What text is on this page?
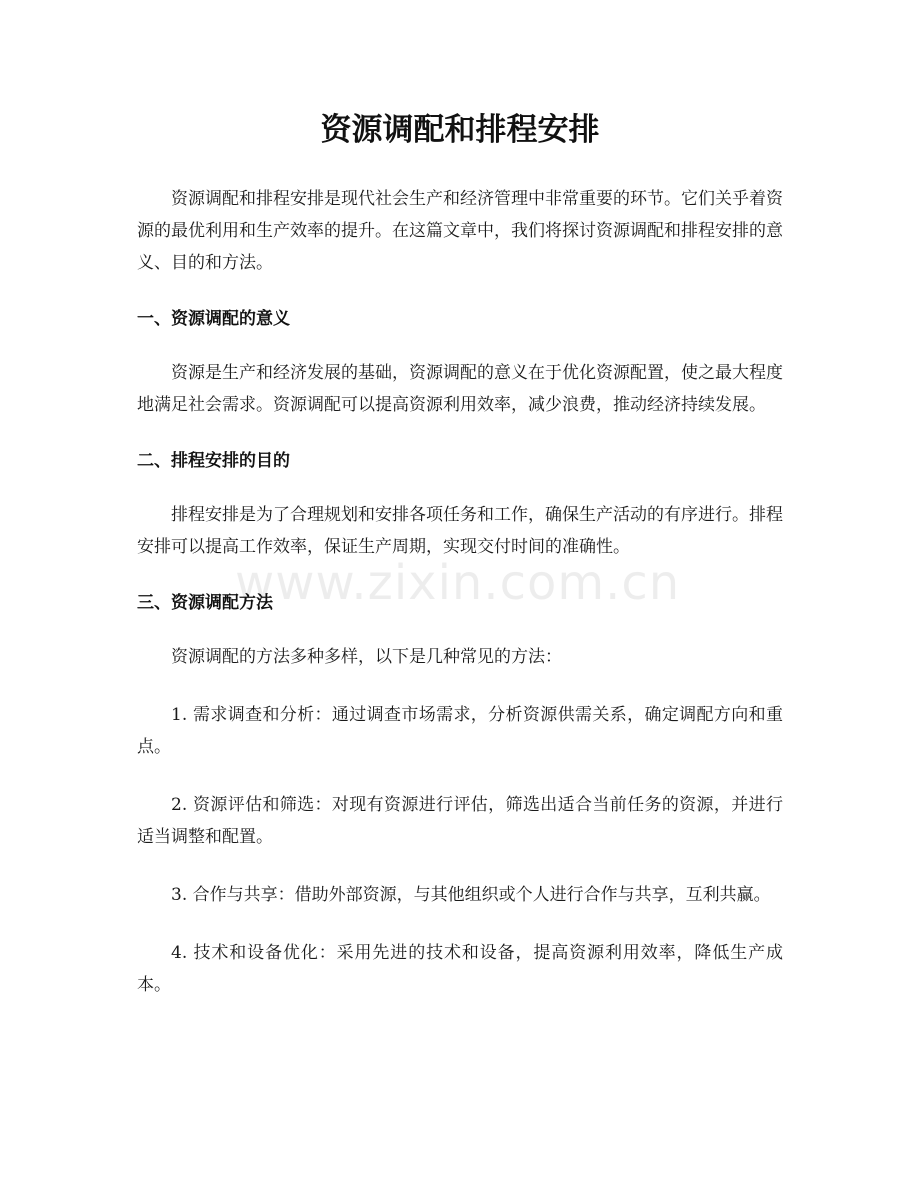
资源调配和排程安排

资源调配和排程安排是现代社会生产和经济管理中非常重要的环节。它们关乎着资源的最优利用和生产效率的提升。在这篇文章中，我们将探讨资源调配和排程安排的意义、目的和方法。

一、资源调配的意义

资源是生产和经济发展的基础，资源调配的意义在于优化资源配置，使之最大程度地满足社会需求。资源调配可以提高资源利用效率，减少浪费，推动经济持续发展。

二、排程安排的目的

排程安排是为了合理规划和安排各项任务和工作，确保生产活动的有序进行。排程安排可以提高工作效率，保证生产周期，实现交付时间的准确性。

三、资源调配方法

资源调配的方法多种多样，以下是几种常见的方法：

1. 需求调查和分析：通过调查市场需求，分析资源供需关系，确定调配方向和重点。

2. 资源评估和筛选：对现有资源进行评估，筛选出适合当前任务的资源，并进行适当调整和配置。

3. 合作与共享：借助外部资源，与其他组织或个人进行合作与共享，互利共赢。

4. 技术和设备优化：采用先进的技术和设备，提高资源利用效率，降低生产成本。

www.zixin.com.cn
